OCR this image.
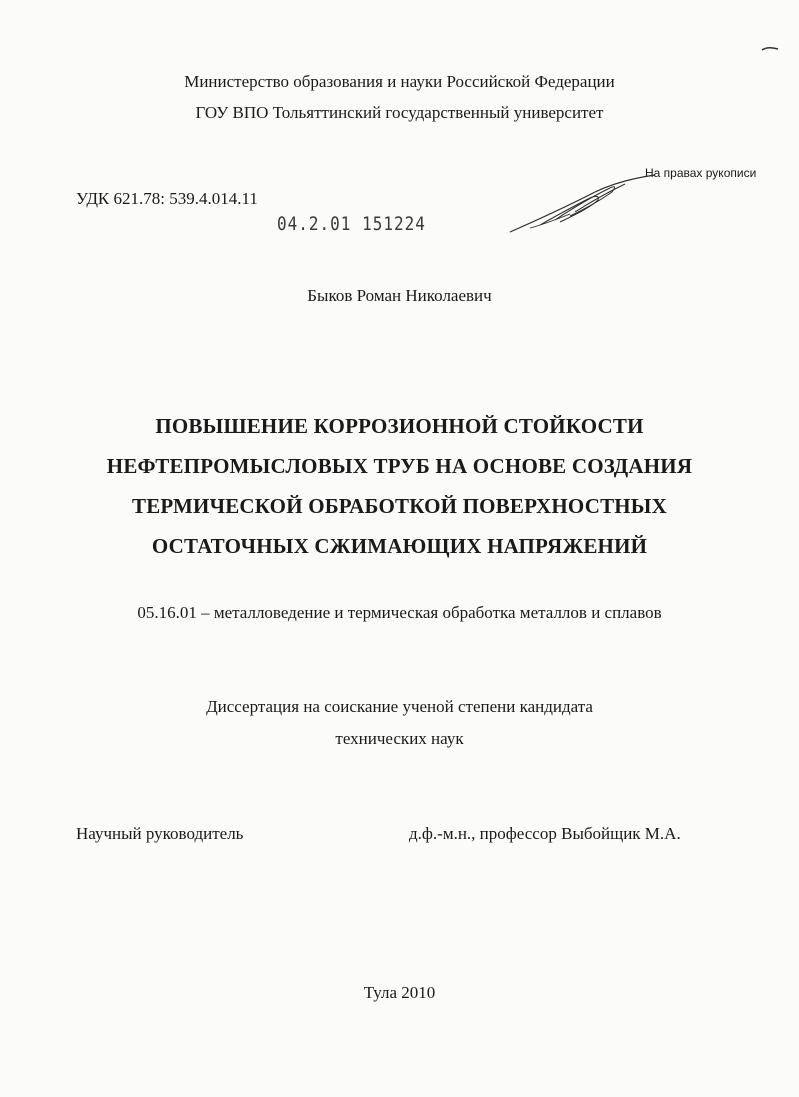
Министерство образования и науки Российской Федерации
ГОУ ВПО Тольяттинский государственный университет
На правах рукописи
УДК 621.78: 539.4.014.11
04.2.01 151224
Быков Роман Николаевич
ПОВЫШЕНИЕ КОРРОЗИОННОЙ СТОЙКОСТИ
НЕФТЕПРОМЫСЛОВЫХ ТРУБ НА ОСНОВЕ СОЗДАНИЯ
ТЕРМИЧЕСКОЙ ОБРАБОТКОЙ ПОВЕРХНОСТНЫХ
ОСТАТОЧНЫХ СЖИМАЮЩИХ НАПРЯЖЕНИЙ
05.16.01 – металловедение и термическая обработка металлов и сплавов
Диссертация на соискание ученой степени кандидата
технических наук
Научный руководитель	д.ф.-м.н., профессор Выбойщик М.А.
Тула 2010
